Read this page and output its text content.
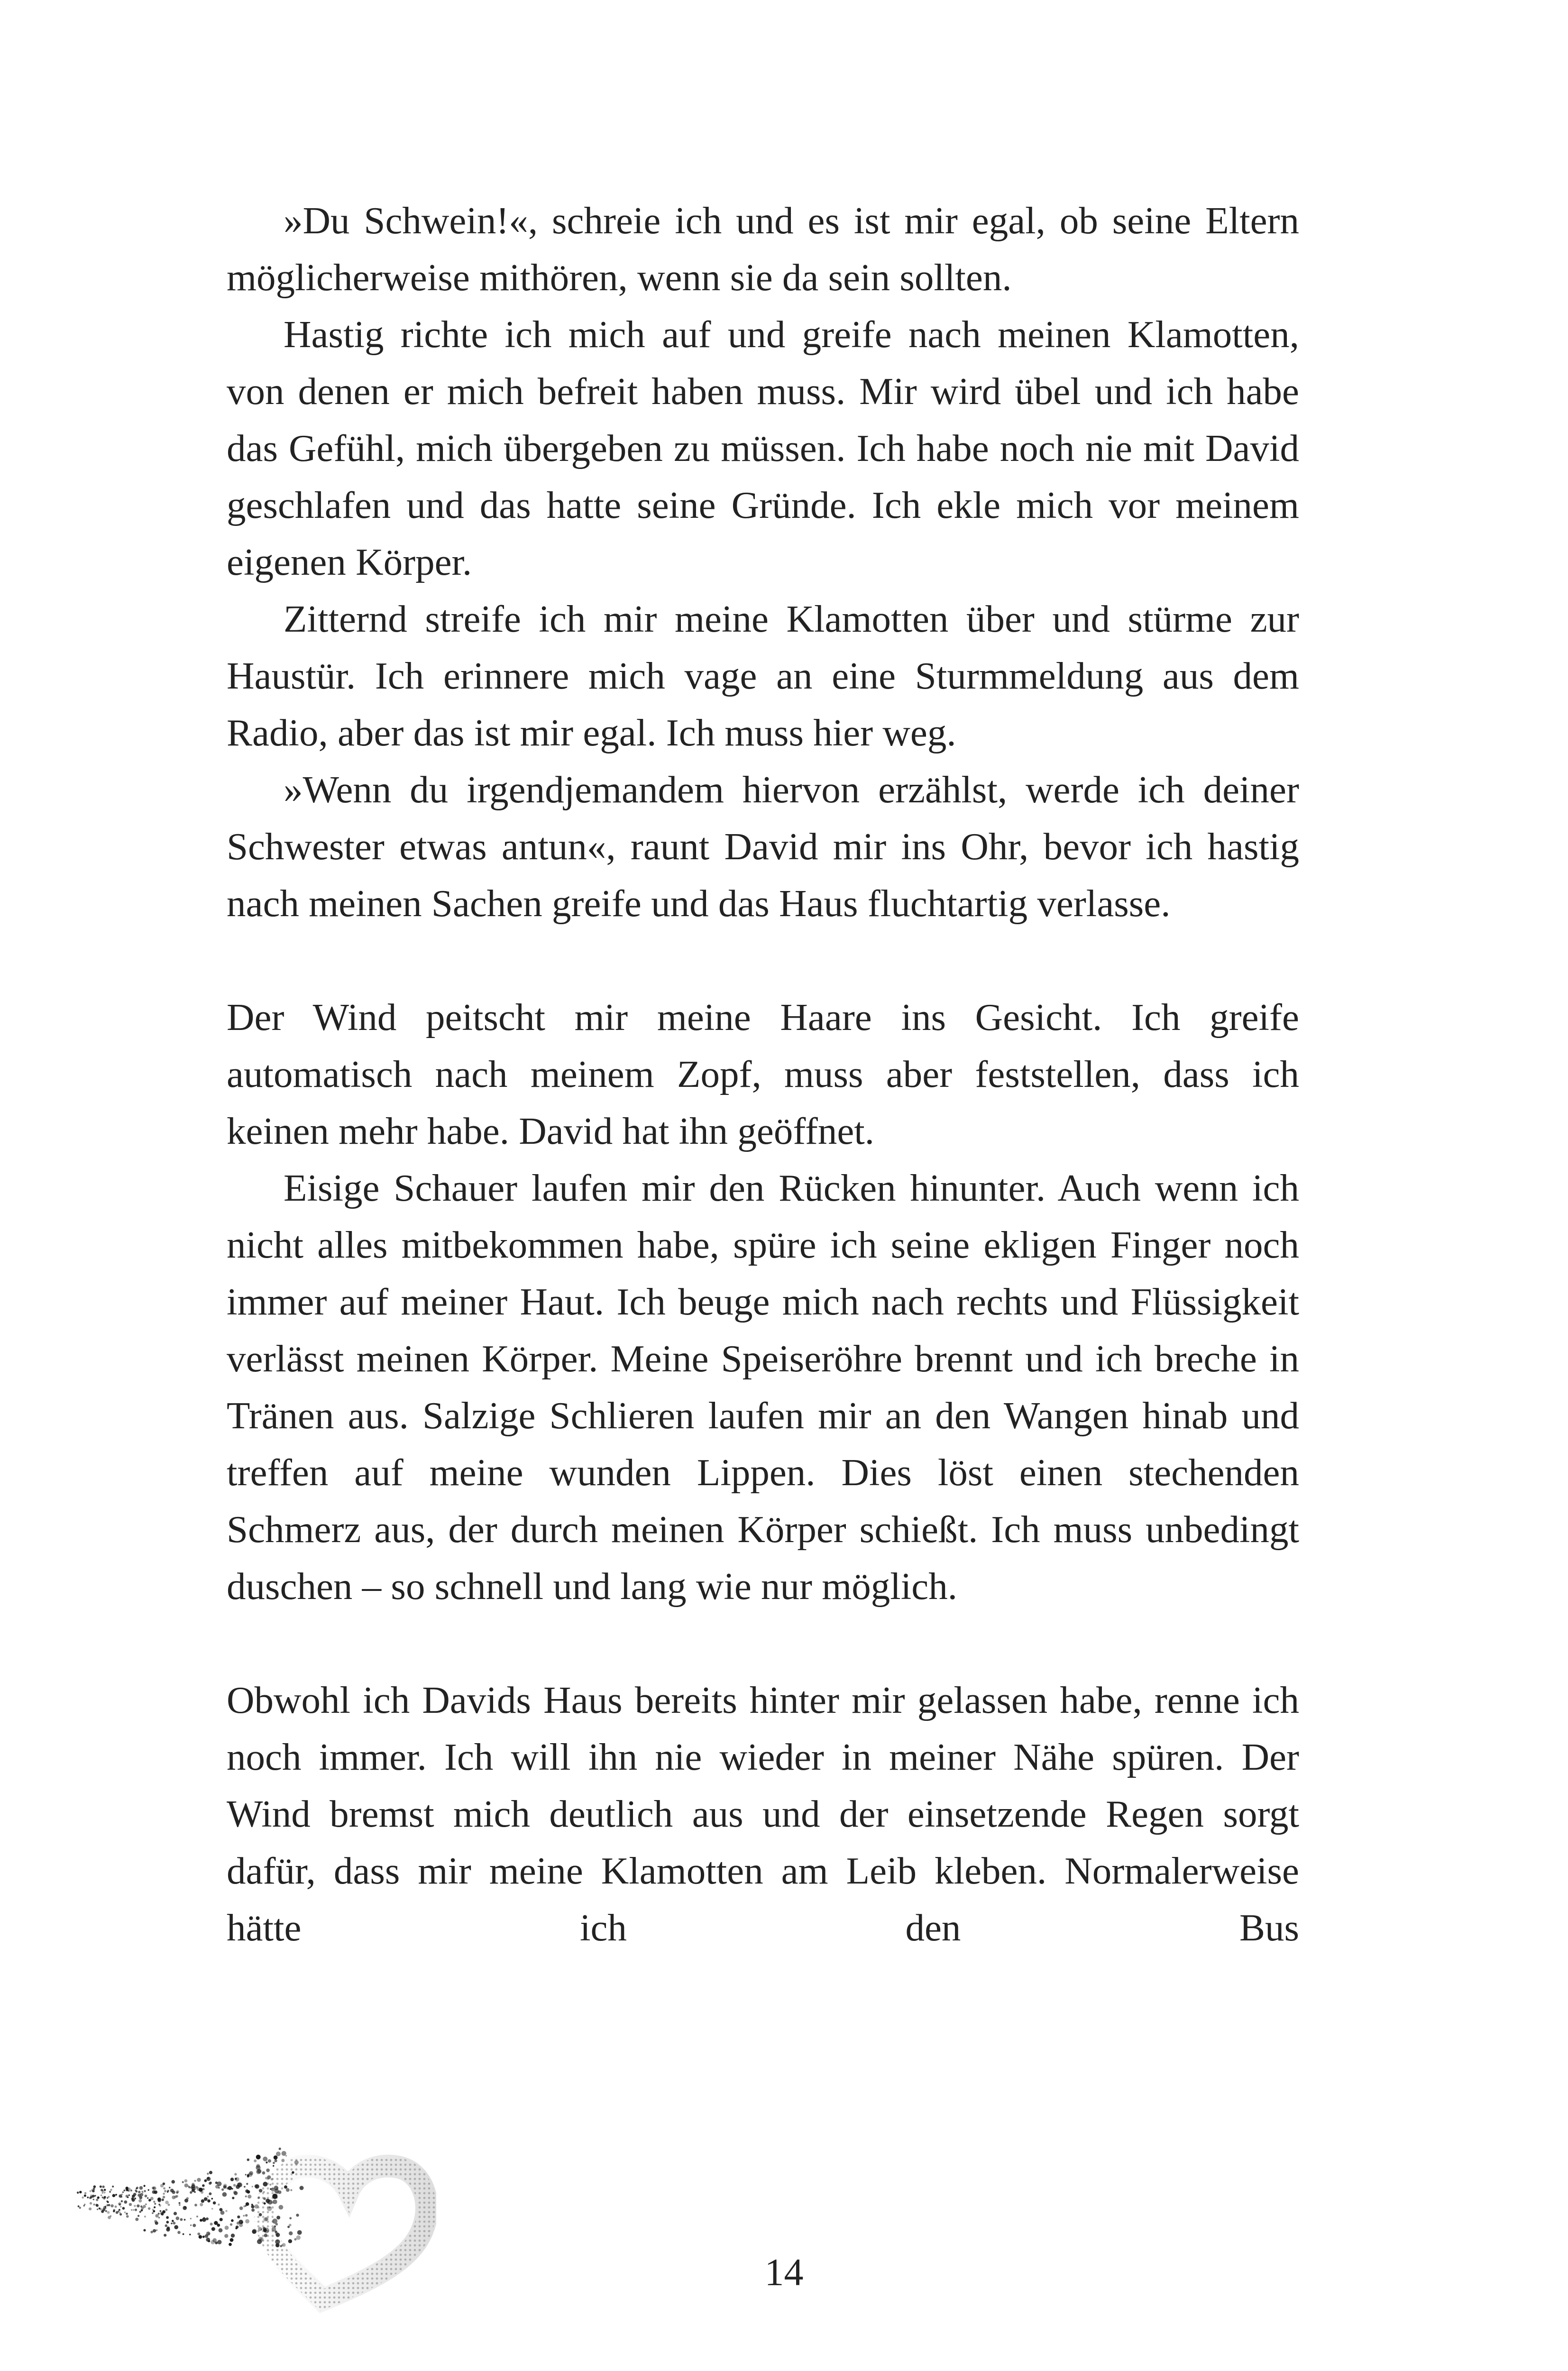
»Du Schwein!«, schreie ich und es ist mir egal, ob seine Eltern möglicherweise mithören, wenn sie da sein sollten.

Hastig richte ich mich auf und greife nach meinen Klamotten, von denen er mich befreit haben muss. Mir wird übel und ich habe das Gefühl, mich übergeben zu müssen. Ich habe noch nie mit David geschlafen und das hatte seine Gründe. Ich ekle mich vor meinem eigenen Körper.

Zitternd streife ich mir meine Klamotten über und stürme zur Haustür. Ich erinnere mich vage an eine Sturmmeldung aus dem Radio, aber das ist mir egal. Ich muss hier weg.

»Wenn du irgendjemandem hiervon erzählst, werde ich deiner Schwester etwas antun«, raunt David mir ins Ohr, bevor ich hastig nach meinen Sachen greife und das Haus fluchtartig verlasse.

Der Wind peitscht mir meine Haare ins Gesicht. Ich greife automatisch nach meinem Zopf, muss aber feststellen, dass ich keinen mehr habe. David hat ihn geöffnet.

Eisige Schauer laufen mir den Rücken hinunter. Auch wenn ich nicht alles mitbekommen habe, spüre ich seine ekligen Finger noch immer auf meiner Haut. Ich beuge mich nach rechts und Flüssigkeit verlässt meinen Körper. Meine Speiseröhre brennt und ich breche in Tränen aus. Salzige Schlieren laufen mir an den Wangen hinab und treffen auf meine wunden Lippen. Dies löst einen stechenden Schmerz aus, der durch meinen Körper schießt. Ich muss unbedingt duschen – so schnell und lang wie nur möglich.

Obwohl ich Davids Haus bereits hinter mir gelassen habe, renne ich noch immer. Ich will ihn nie wieder in meiner Nähe spüren. Der Wind bremst mich deutlich aus und der einsetzende Regen sorgt dafür, dass mir meine Klamotten am Leib kleben. Normalerweise hätte ich den Bus

14
